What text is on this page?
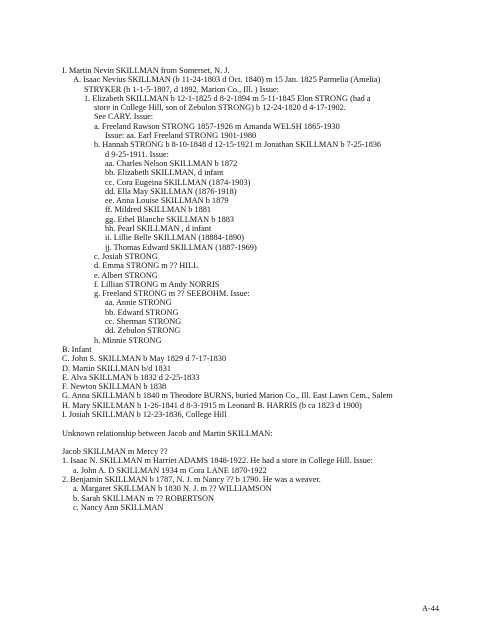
I. Martin Nevin SKILLMAN from Somerset, N. J.
A. Isaac Nevius SKILLMAN (b 11-24-1803 d Oct. 1840) m 15 Jan. 1825 Parmelia (Amelia)
STRYKER (b 1-1-5-1807, d 1892, Marion Co., Ill. ) Issue:
1. Elizabeth SKILLMAN b 12-1-1825 d 8-2-1894 m 5-11-1845 Elon STRONG (had a
store in College Hill, son of Zebulon STRONG) b 12-24-1820 d 4-17-1902.
See CARY. Issue:
a. Freeland Rawson STRONG 1857-1926 m Amanda WELSH 1865-1930
Issue: aa. Earl Freeland STRONG 1901-1980
b. Hannah STRONG b 8-10-1848 d 12-15-1921 m Jonathan SKILLMAN b 7-25-1836
d 9-25-1911. Issue:
aa. Charles Nelson SKILLMAN b 1872
bb. Elizabeth SKILLMAN, d infant
cc. Cora Eugeina SKILLMAN (1874-1903)
dd. Ella May SKILLMAN (1876-1918)
ee. Anna Louise SKILLMAN b 1879
ff. Mildred SKILLMAN b 1881
gg. Ethel Blanche SKILLMAN b 1883
hh. Pearl SKILLMAN , d infant
ii. Lillie Belle SKILLMAN (18884-1890)
jj. Thomas Edward SKILLMAN (1887-1969)
c. Josiah STRONG
d. Emma STRONG m ?? HILL
e. Albert STRONG
f. Lillian STRONG m Andy NORRIS
g. Freeland STRONG m ?? SEEBOHM. Issue:
aa. Annie STRONG
bb. Edward STRONG
cc. Sherman STRONG
dd. Zebulon STRONG
h. Minnie STRONG
B. Infant
C. John S. SKILLMAN b May 1829 d 7-17-1830
D. Martin SKILLMAN b/d 1831
E. Alva SKILLMAN b 1832 d 2-25-1833
F. Newton SKILLMAN b 1838
G. Anna SKILLMAN b 1840 m Theodore BURNS, buried Marion Co., Ill. East Lawn Cem., Salem
H. Mary SKILLMAN b 1-26-1841 d 8-3-1915 m Leonard B. HARRIS (b ca 1823 d 1900)
I. Josiah SKILLMAN b 12-23-1836, College Hill
Unknown relationship between Jacob and Martin SKILLMAN:
Jacob SKILLMAN m Mercy ??
1. Isaac N. SKILLMAN m Harriet ADAMS 1848-1922. He had a store in College Hill. Issue:
a. John A. D SKILLMAN 1934 m Cora LANE 1870-1922
2. Benjamin SKILLMAN b 1787, N. J. m Nancy ?? b 1790. He was a weaver.
a. Margaret SKILLMAN b 1830 N. J. m ?? WILLIAMSON
b. Sarah SKILLMAN m ?? ROBERTSON
c. Nancy Ann SKILLMAN
A-44
